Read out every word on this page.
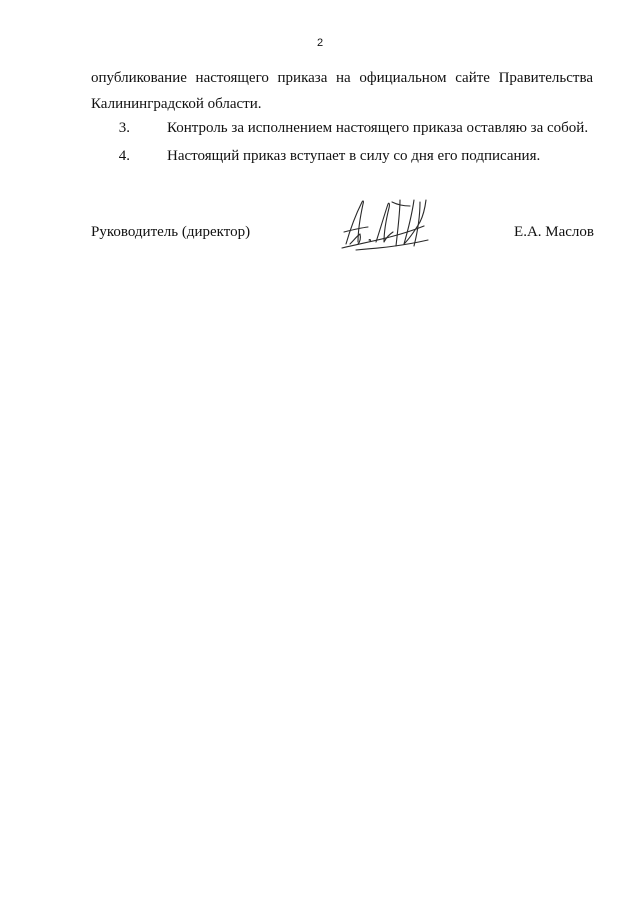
2

опубликование настоящего приказа на официальном сайте Правительства

Калининградской области.

3.	Контроль за исполнением настоящего приказа оставляю за собой.
4.	Настоящий приказ вступает в силу со дня его подписания.
Руководитель (директор)	Е.А. Маслов
